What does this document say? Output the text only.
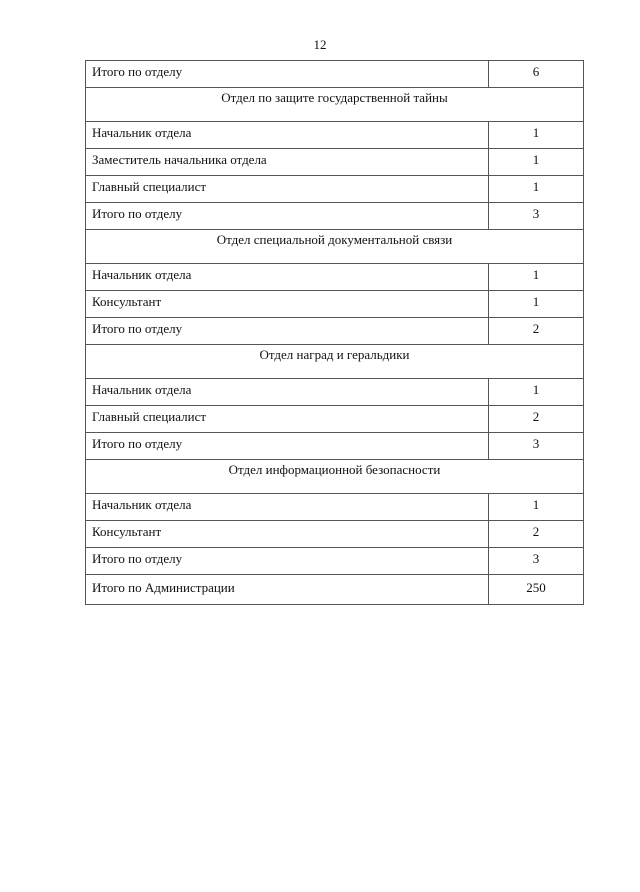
12
Итого по отделу	6
Отдел по защите государственной тайны	
Начальник отдела	1
Заместитель начальника отдела	1
Главный специалист	1
Итого по отделу	3
Отдел специальной документальной связи	
Начальник отдела	1
Консультант	1
Итого по отделу	2
Отдел наград и геральдики	
Начальник отдела	1
Главный специалист	2
Итого по отделу	3
Отдел информационной безопасности	
Начальник отдела	1
Консультант	2
Итого по отделу	3
Итого по Администрации	250
